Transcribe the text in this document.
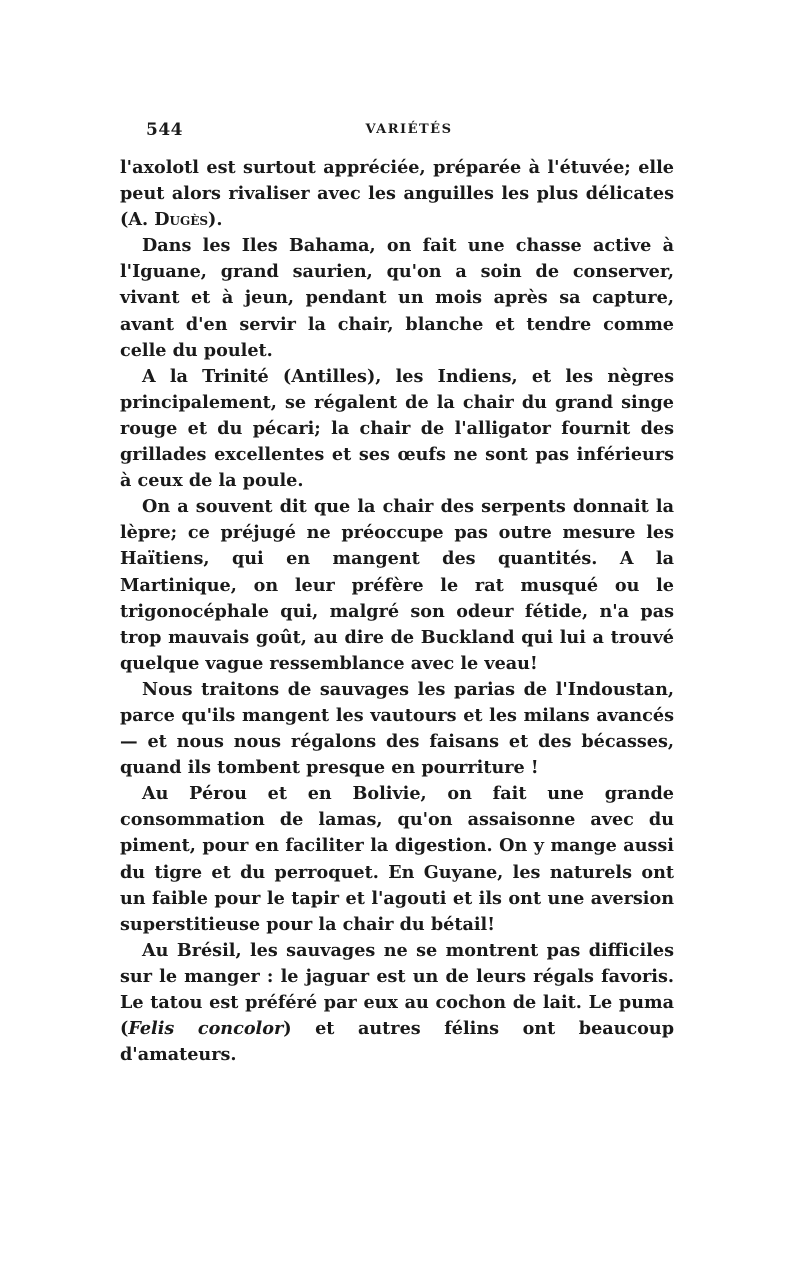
544	VARIÉTÉS

l'axolotl est surtout appréciée, préparée à l'étuvée; elle peut alors rivaliser avec les anguilles les plus délicates (A. Dugès).

Dans les Iles Bahama, on fait une chasse active à l'Iguane, grand saurien, qu'on a soin de conserver, vivant et à jeun, pendant un mois après sa capture, avant d'en servir la chair, blanche et tendre comme celle du poulet.

A la Trinité (Antilles), les Indiens, et les nègres principalement, se régalent de la chair du grand singe rouge et du pécari; la chair de l'alligator fournit des grillades excellentes et ses œufs ne sont pas inférieurs à ceux de la poule.

On a souvent dit que la chair des serpents donnait la lèpre; ce préjugé ne préoccupe pas outre mesure les Haïtiens, qui en mangent des quantités. A la Martinique, on leur préfère le rat musqué ou le trigonocéphale qui, malgré son odeur fétide, n'a pas trop mauvais goût, au dire de Buckland qui lui a trouvé quelque vague ressemblance avec le veau!

Nous traitons de sauvages les parias de l'Indoustan, parce qu'ils mangent les vautours et les milans avancés — et nous nous régalons des faisans et des bécasses, quand ils tombent presque en pourriture !

Au Pérou et en Bolivie, on fait une grande consommation de lamas, qu'on assaisonne avec du piment, pour en faciliter la digestion. On y mange aussi du tigre et du perroquet. En Guyane, les naturels ont un faible pour le tapir et l'agouti et ils ont une aversion superstitieuse pour la chair du bétail!

Au Brésil, les sauvages ne se montrent pas difficiles sur le manger : le jaguar est un de leurs régals favoris. Le tatou est préféré par eux au cochon de lait. Le puma (Felis concolor) et autres félins ont beaucoup d'amateurs.
